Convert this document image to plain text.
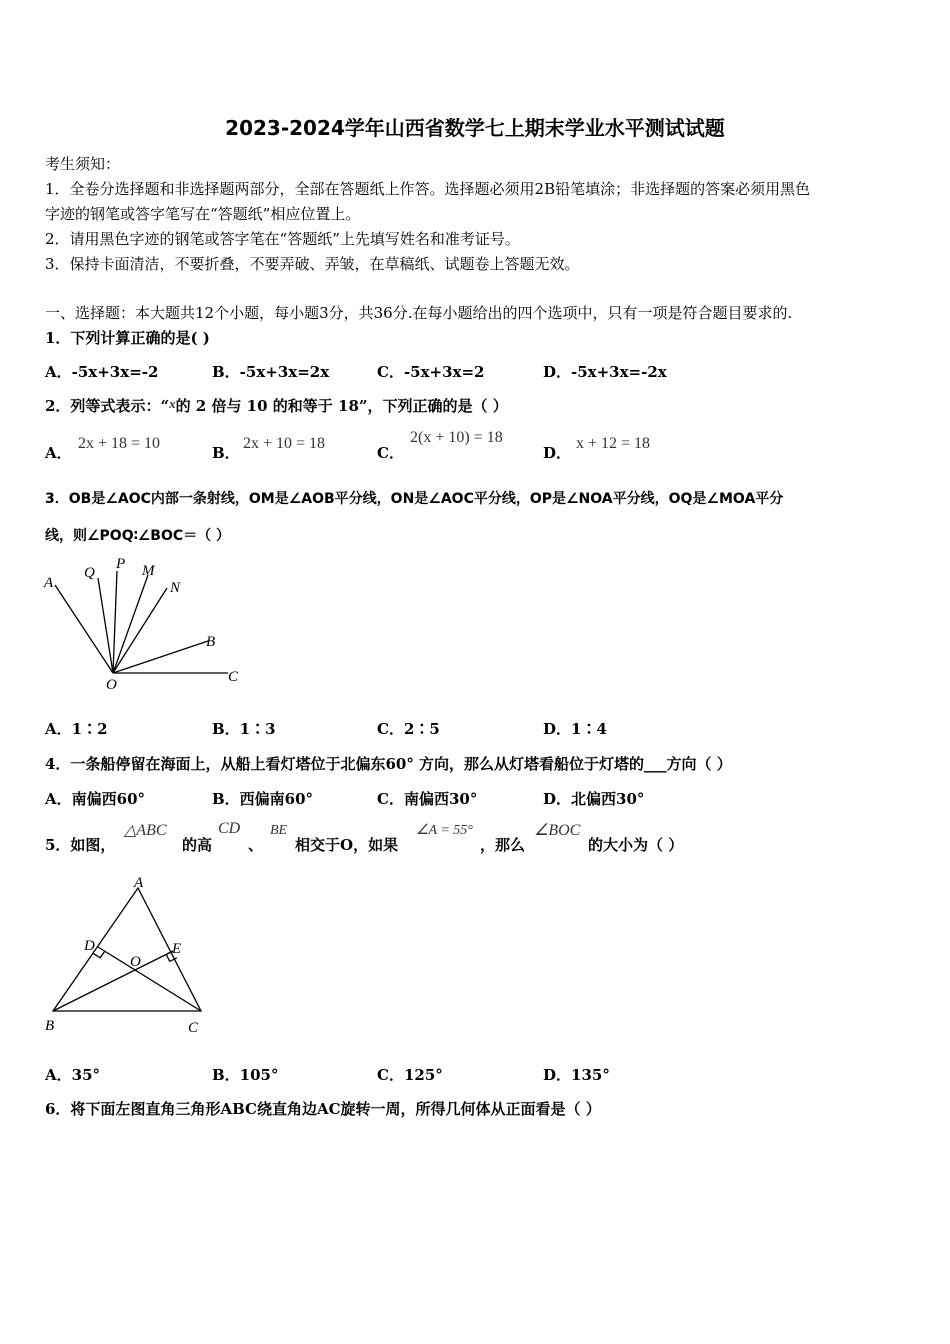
2023-2024学年山西省数学七上期末学业水平测试试题
考生须知：
1．全卷分选择题和非选择题两部分，全部在答题纸上作答。选择题必须用2B铅笔填涂；非选择题的答案必须用黑色
字迹的钢笔或答字笔写在“答题纸”相应位置上。
2．请用黑色字迹的钢笔或答字笔在“答题纸”上先填写姓名和准考证号。
3．保持卡面清洁，不要折叠，不要弄破、弄皱，在草稿纸、试题卷上答题无效。
一、选择题：本大题共12个小题，每小题3分，共36分.在每小题给出的四个选项中，只有一项是符合题目要求的.
1．下列计算正确的是( )
A．-5x+3x=-2	B．-5x+3x=2x	C．-5x+3x=2	D．-5x+3x=-2x
2．列等式表示：“x的 2 倍与 10 的和等于 18”，下列正确的是（ ）
A．
2x + 18 = 10
B．
2x + 10 = 18
C．
2(x + 10) = 18
D．
x + 12 = 18
3．OB是∠AOC内部一条射线，OM是∠AOB平分线，ON是∠AOC平分线，OP是∠NOA平分线，OQ是∠MOA平分
线，则∠POQ∶∠BOC＝（ ）
A
Q
P M
N
B
O	C
A．1∶2	B．1∶3	C．2∶5	D．1∶4
4．一条船停留在海面上，从船上看灯塔位于北偏东60° 方向，那么从灯塔看船位于灯塔的___方向（ ）
A．南偏西60°	B．西偏南60°	C．南偏西30°	D．北偏西30°
5．如图，
△ABC
的高
CD
、
BE
相交于O，如果
∠A = 55°
，那么
∠BOC
的大小为（ ）
A
D	E
O
B	C
A．35°	B．105°	C．125°	D．135°
6．将下面左图直角三角形ABC绕直角边AC旋转一周，所得几何体从正面看是（ ）
